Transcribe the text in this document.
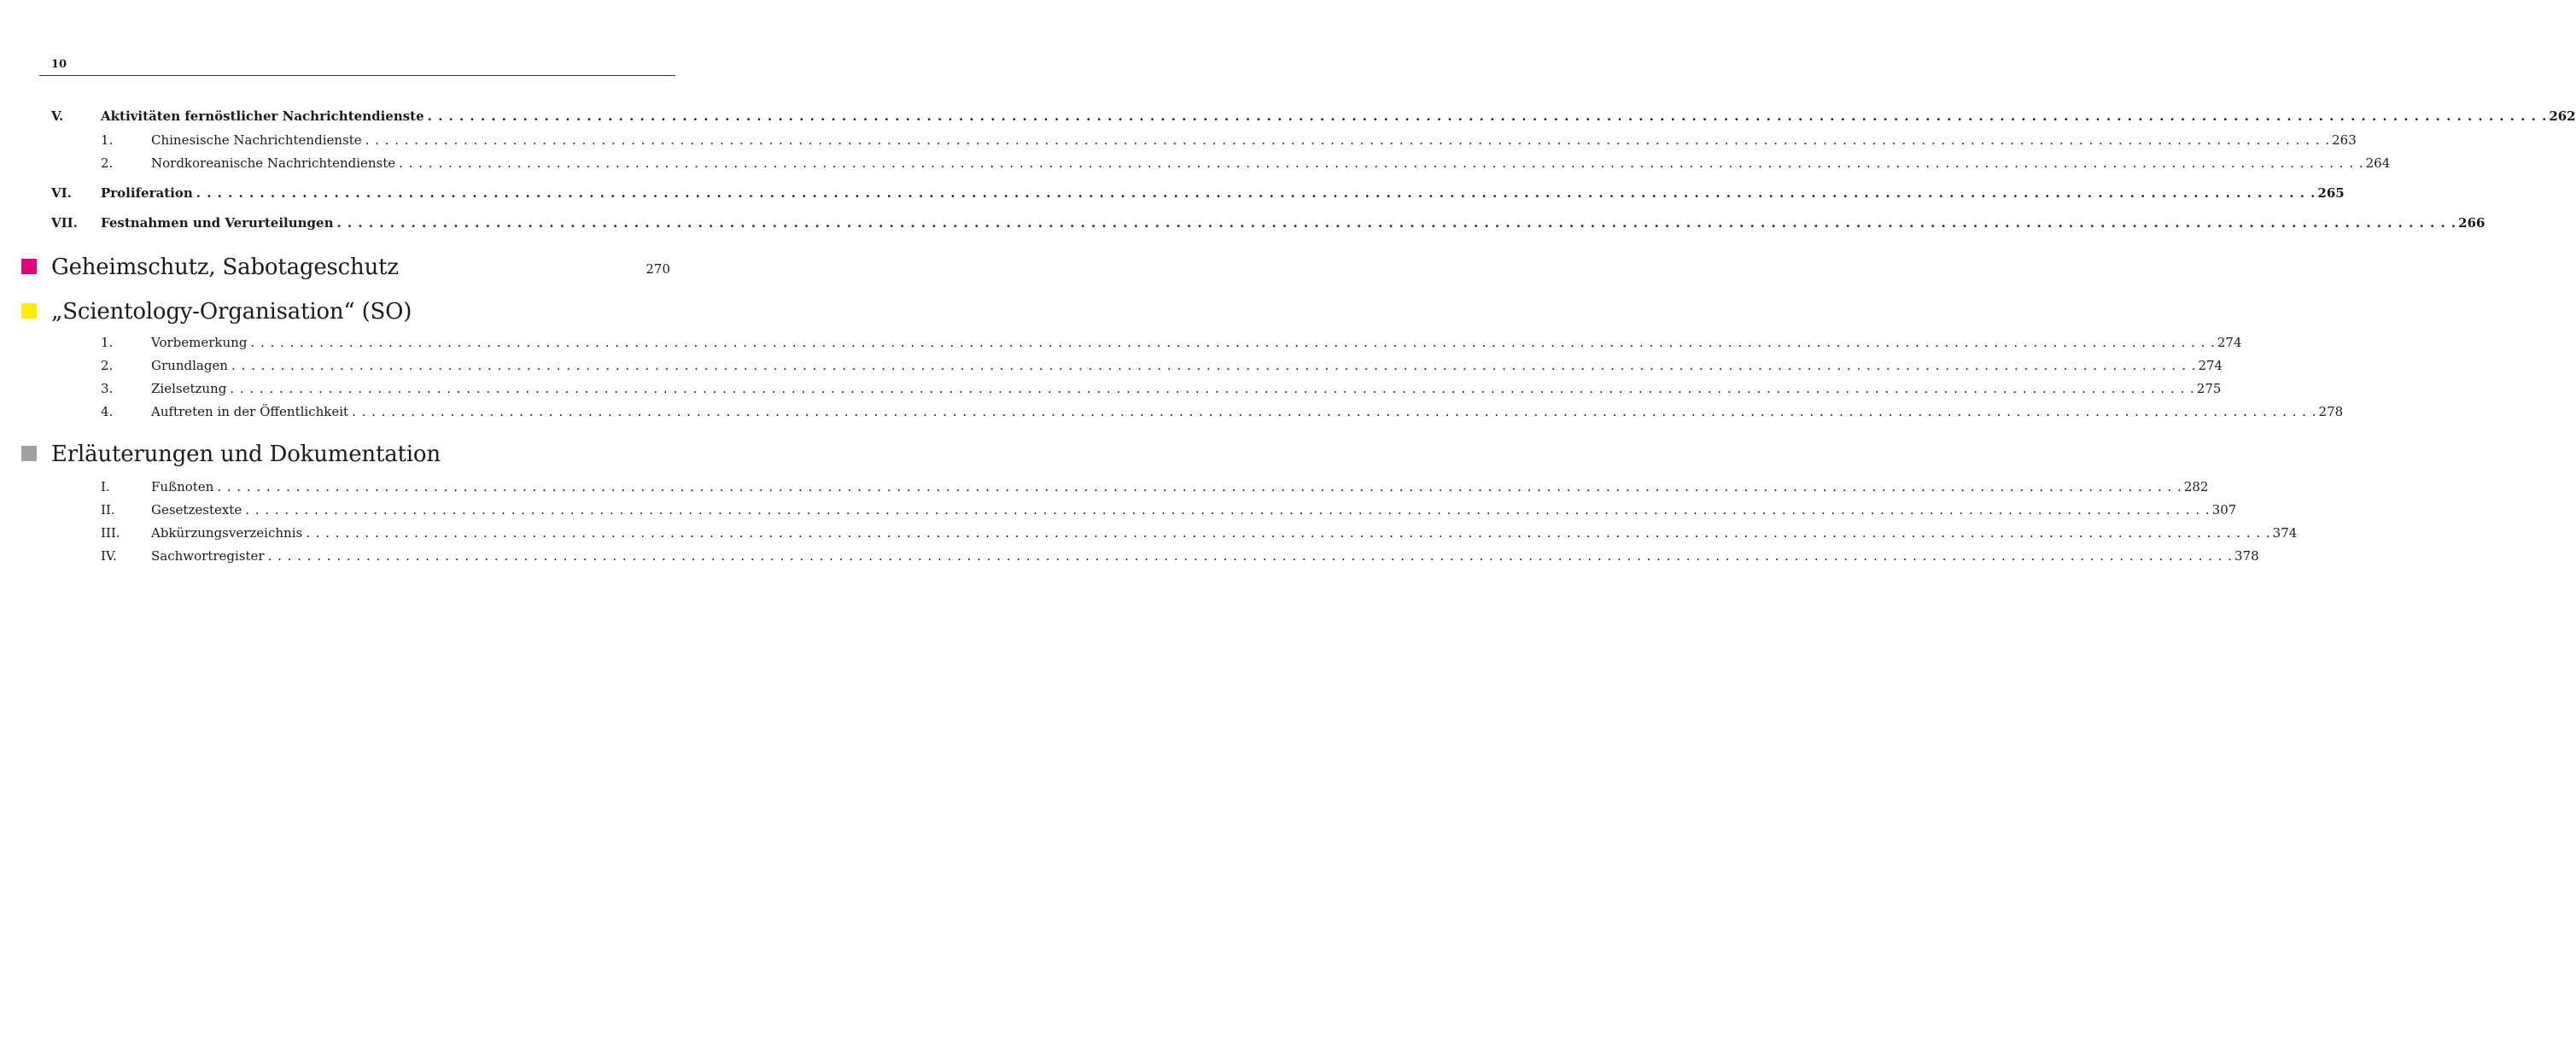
10
V.	Aktivitäten fernöstlicher Nachrichtendienste . . . . . . . . . . . . . . . . . . . . . . . . . . . . . . . . . . . . . . . . . . . . . . . . . . . . . . . . . . . . . . . . . . . . . . . . . . . . . . . . . . . . . . . . . . . . . . . . . . . . . . . . . . . . . . . . . . . . . . . . . . . . . . . . . . . . . . . . . . . . . . . . . . . . . . . . . . . . . . . . . . . . . . . . . . . . . . . . . . . . . . . . . . . . . . . . . . . . . . . . 262
1.	Chinesische Nachrichtendienste . . . . . . . . . . . . . . . . . . . . . . . . . . . . . . . . . . . . . . . . . . . . . . . . . . . . . . . . . . . . . . . . . . . . . . . . . . . . . . . . . . . . . . . . . . . . . . . . . . . . . . . . . . . . . . . . . . . . . . . . . . . . . . . . . . . . . . . . . . . . . . . . . . . . . . . . . . . . . . . . . . . . . . . . . . . . . . . . . . . . . . . . . . . . . . . . . . . . . . . . 263
2.	Nordkoreanische Nachrichtendienste . . . . . . . . . . . . . . . . . . . . . . . . . . . . . . . . . . . . . . . . . . . . . . . . . . . . . . . . . . . . . . . . . . . . . . . . . . . . . . . . . . . . . . . . . . . . . . . . . . . . . . . . . . . . . . . . . . . . . . . . . . . . . . . . . . . . . . . . . . . . . . . . . . . . . . . . . . . . . . . . . . . . . . . . . . . . . . . . . . . . . . . . . . . . . . . . . . . . . . . . 264
VI. Proliferation . . . . . . . . . . . . . . . . . . . . . . . . . . . . . . . . . . . . . . . . . . . . . . . . . . . . . . . . . . . . . . . . . . . . . . . . . . . . . . . . . . . . . . . . . . . . . . . . . . . . . . . . . . . . . . . . . . . . . . . . . . . . . . . . . . . . . . . . . . . . . . . . . . . . . . . . . . . . . . . . . . . . . . . . . . . . . . . . . . . . . . . . . . . . . . . . . . . . . . . . 265
VII. Festnahmen und Verurteilungen . . . . . . . . . . . . . . . . . . . . . . . . . . . . . . . . . . . . . . . . . . . . . . . . . . . . . . . . . . . . . . . . . . . . . . . . . . . . . . . . . . . . . . . . . . . . . . . . . . . . . . . . . . . . . . . . . . . . . . . . . . . . . . . . . . . . . . . . . . . . . . . . . . . . . . . . . . . . . . . . . . . . . . . . . . . . . . . . . . . . . . . . . . . . . . . . . . . . . . . . 266
Geheimschutz, Sabotageschutz	270
„Scientology-Organisation“ (SO)
1.	Vorbemerkung . . . . . . . . . . . . . . . . . . . . . . . . . . . . . . . . . . . . . . . . . . . . . . . . . . . . . . . . . . . . . . . . . . . . . . . . . . . . . . . . . . . . . . . . . . . . . . . . . . . . . . . . . . . . . . . . . . . . . . . . . . . . . . . . . . . . . . . . . . . . . . . . . . . . . . . . . . . . . . . . . . . . . . . . . . . . . . . . . . . . . . . . . . . . . . . . . . . . . . . . 274
2.	Grundlagen . . . . . . . . . . . . . . . . . . . . . . . . . . . . . . . . . . . . . . . . . . . . . . . . . . . . . . . . . . . . . . . . . . . . . . . . . . . . . . . . . . . . . . . . . . . . . . . . . . . . . . . . . . . . . . . . . . . . . . . . . . . . . . . . . . . . . . . . . . . . . . . . . . . . . . . . . . . . . . . . . . . . . . . . . . . . . . . . . . . . . . . . . . . . . . . . . . . . . . . . 274
3.	Zielsetzung . . . . . . . . . . . . . . . . . . . . . . . . . . . . . . . . . . . . . . . . . . . . . . . . . . . . . . . . . . . . . . . . . . . . . . . . . . . . . . . . . . . . . . . . . . . . . . . . . . . . . . . . . . . . . . . . . . . . . . . . . . . . . . . . . . . . . . . . . . . . . . . . . . . . . . . . . . . . . . . . . . . . . . . . . . . . . . . . . . . . . . . . . . . . . . . . . . . . . . . . 275
4.	Auftreten in der Öffentlichkeit . . . . . . . . . . . . . . . . . . . . . . . . . . . . . . . . . . . . . . . . . . . . . . . . . . . . . . . . . . . . . . . . . . . . . . . . . . . . . . . . . . . . . . . . . . . . . . . . . . . . . . . . . . . . . . . . . . . . . . . . . . . . . . . . . . . . . . . . . . . . . . . . . . . . . . . . . . . . . . . . . . . . . . . . . . . . . . . . . . . . . . . . . . . . . . . . . . . . . . . . 278
Erläuterungen und Dokumentation
I.	Fußnoten . . . . . . . . . . . . . . . . . . . . . . . . . . . . . . . . . . . . . . . . . . . . . . . . . . . . . . . . . . . . . . . . . . . . . . . . . . . . . . . . . . . . . . . . . . . . . . . . . . . . . . . . . . . . . . . . . . . . . . . . . . . . . . . . . . . . . . . . . . . . . . . . . . . . . . . . . . . . . . . . . . . . . . . . . . . . . . . . . . . . . . . . . . . . . . . . . . . . . . . . 282
II.	Gesetzestexte . . . . . . . . . . . . . . . . . . . . . . . . . . . . . . . . . . . . . . . . . . . . . . . . . . . . . . . . . . . . . . . . . . . . . . . . . . . . . . . . . . . . . . . . . . . . . . . . . . . . . . . . . . . . . . . . . . . . . . . . . . . . . . . . . . . . . . . . . . . . . . . . . . . . . . . . . . . . . . . . . . . . . . . . . . . . . . . . . . . . . . . . . . . . . . . . . . . . . . . . 307
III. Abkürzungsverzeichnis . . . . . . . . . . . . . . . . . . . . . . . . . . . . . . . . . . . . . . . . . . . . . . . . . . . . . . . . . . . . . . . . . . . . . . . . . . . . . . . . . . . . . . . . . . . . . . . . . . . . . . . . . . . . . . . . . . . . . . . . . . . . . . . . . . . . . . . . . . . . . . . . . . . . . . . . . . . . . . . . . . . . . . . . . . . . . . . . . . . . . . . . . . . . . . . . . . . . . . . . 374
IV.	Sachwortregister . . . . . . . . . . . . . . . . . . . . . . . . . . . . . . . . . . . . . . . . . . . . . . . . . . . . . . . . . . . . . . . . . . . . . . . . . . . . . . . . . . . . . . . . . . . . . . . . . . . . . . . . . . . . . . . . . . . . . . . . . . . . . . . . . . . . . . . . . . . . . . . . . . . . . . . . . . . . . . . . . . . . . . . . . . . . . . . . . . . . . . . . . . . . . . . . . . . . . . . . 378
